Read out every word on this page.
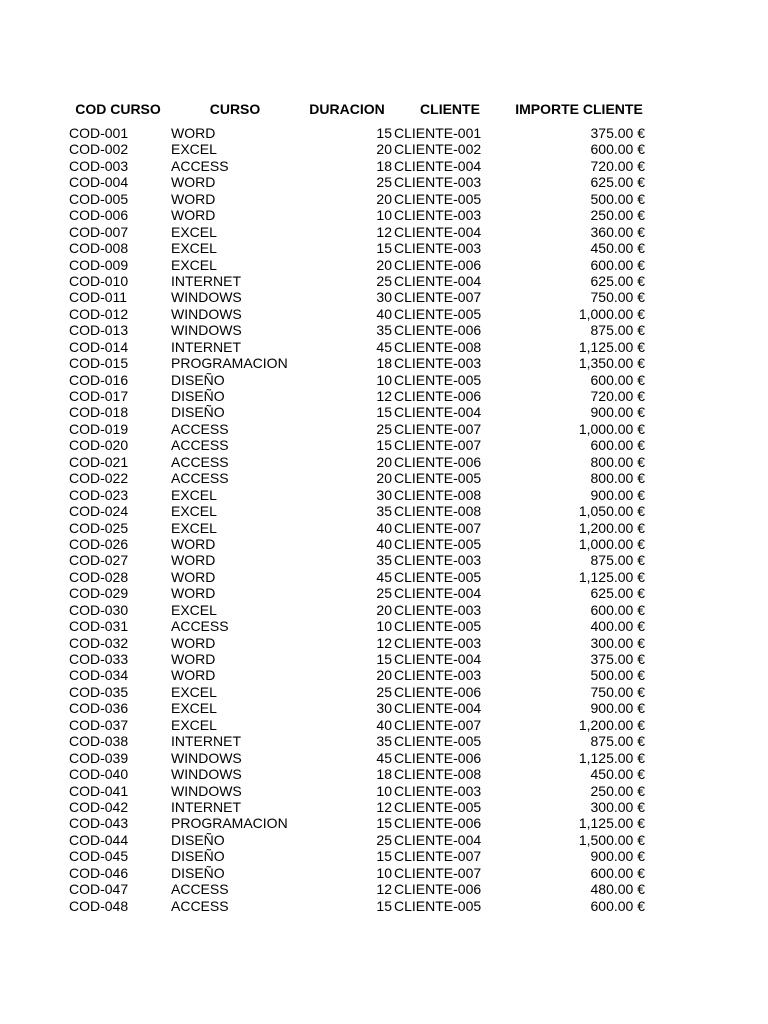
COD CURSO	CURSO	DURACION	CLIENTE	IMPORTE CLIENTE
COD-001	WORD	15 CLIENTE-001	375.00 €
COD-002	EXCEL	20 CLIENTE-002	600.00 €
COD-003	ACCESS	18 CLIENTE-004	720.00 €
COD-004	WORD	25 CLIENTE-003	625.00 €
COD-005	WORD	20 CLIENTE-005	500.00 €
COD-006	WORD	10 CLIENTE-003	250.00 €
COD-007	EXCEL	12 CLIENTE-004	360.00 €
COD-008	EXCEL	15 CLIENTE-003	450.00 €
COD-009	EXCEL	20 CLIENTE-006	600.00 €
COD-010	INTERNET	25 CLIENTE-004	625.00 €
COD-011	WINDOWS	30 CLIENTE-007	750.00 €
COD-012	WINDOWS	40 CLIENTE-005	1,000.00 €
COD-013	WINDOWS	35 CLIENTE-006	875.00 €
COD-014	INTERNET	45 CLIENTE-008	1,125.00 €
COD-015	PROGRAMACION	18 CLIENTE-003	1,350.00 €
COD-016	DISEÑO	10 CLIENTE-005	600.00 €
COD-017	DISEÑO	12 CLIENTE-006	720.00 €
COD-018	DISEÑO	15 CLIENTE-004	900.00 €
COD-019	ACCESS	25 CLIENTE-007	1,000.00 €
COD-020	ACCESS	15 CLIENTE-007	600.00 €
COD-021	ACCESS	20 CLIENTE-006	800.00 €
COD-022	ACCESS	20 CLIENTE-005	800.00 €
COD-023	EXCEL	30 CLIENTE-008	900.00 €
COD-024	EXCEL	35 CLIENTE-008	1,050.00 €
COD-025	EXCEL	40 CLIENTE-007	1,200.00 €
COD-026	WORD	40 CLIENTE-005	1,000.00 €
COD-027	WORD	35 CLIENTE-003	875.00 €
COD-028	WORD	45 CLIENTE-005	1,125.00 €
COD-029	WORD	25 CLIENTE-004	625.00 €
COD-030	EXCEL	20 CLIENTE-003	600.00 €
COD-031	ACCESS	10 CLIENTE-005	400.00 €
COD-032	WORD	12 CLIENTE-003	300.00 €
COD-033	WORD	15 CLIENTE-004	375.00 €
COD-034	WORD	20 CLIENTE-003	500.00 €
COD-035	EXCEL	25 CLIENTE-006	750.00 €
COD-036	EXCEL	30 CLIENTE-004	900.00 €
COD-037	EXCEL	40 CLIENTE-007	1,200.00 €
COD-038	INTERNET	35 CLIENTE-005	875.00 €
COD-039	WINDOWS	45 CLIENTE-006	1,125.00 €
COD-040	WINDOWS	18 CLIENTE-008	450.00 €
COD-041	WINDOWS	10 CLIENTE-003	250.00 €
COD-042	INTERNET	12 CLIENTE-005	300.00 €
COD-043	PROGRAMACION	15 CLIENTE-006	1,125.00 €
COD-044	DISEÑO	25 CLIENTE-004	1,500.00 €
COD-045	DISEÑO	15 CLIENTE-007	900.00 €
COD-046	DISEÑO	10 CLIENTE-007	600.00 €
COD-047	ACCESS	12 CLIENTE-006	480.00 €
COD-048	ACCESS	15 CLIENTE-005	600.00 €
